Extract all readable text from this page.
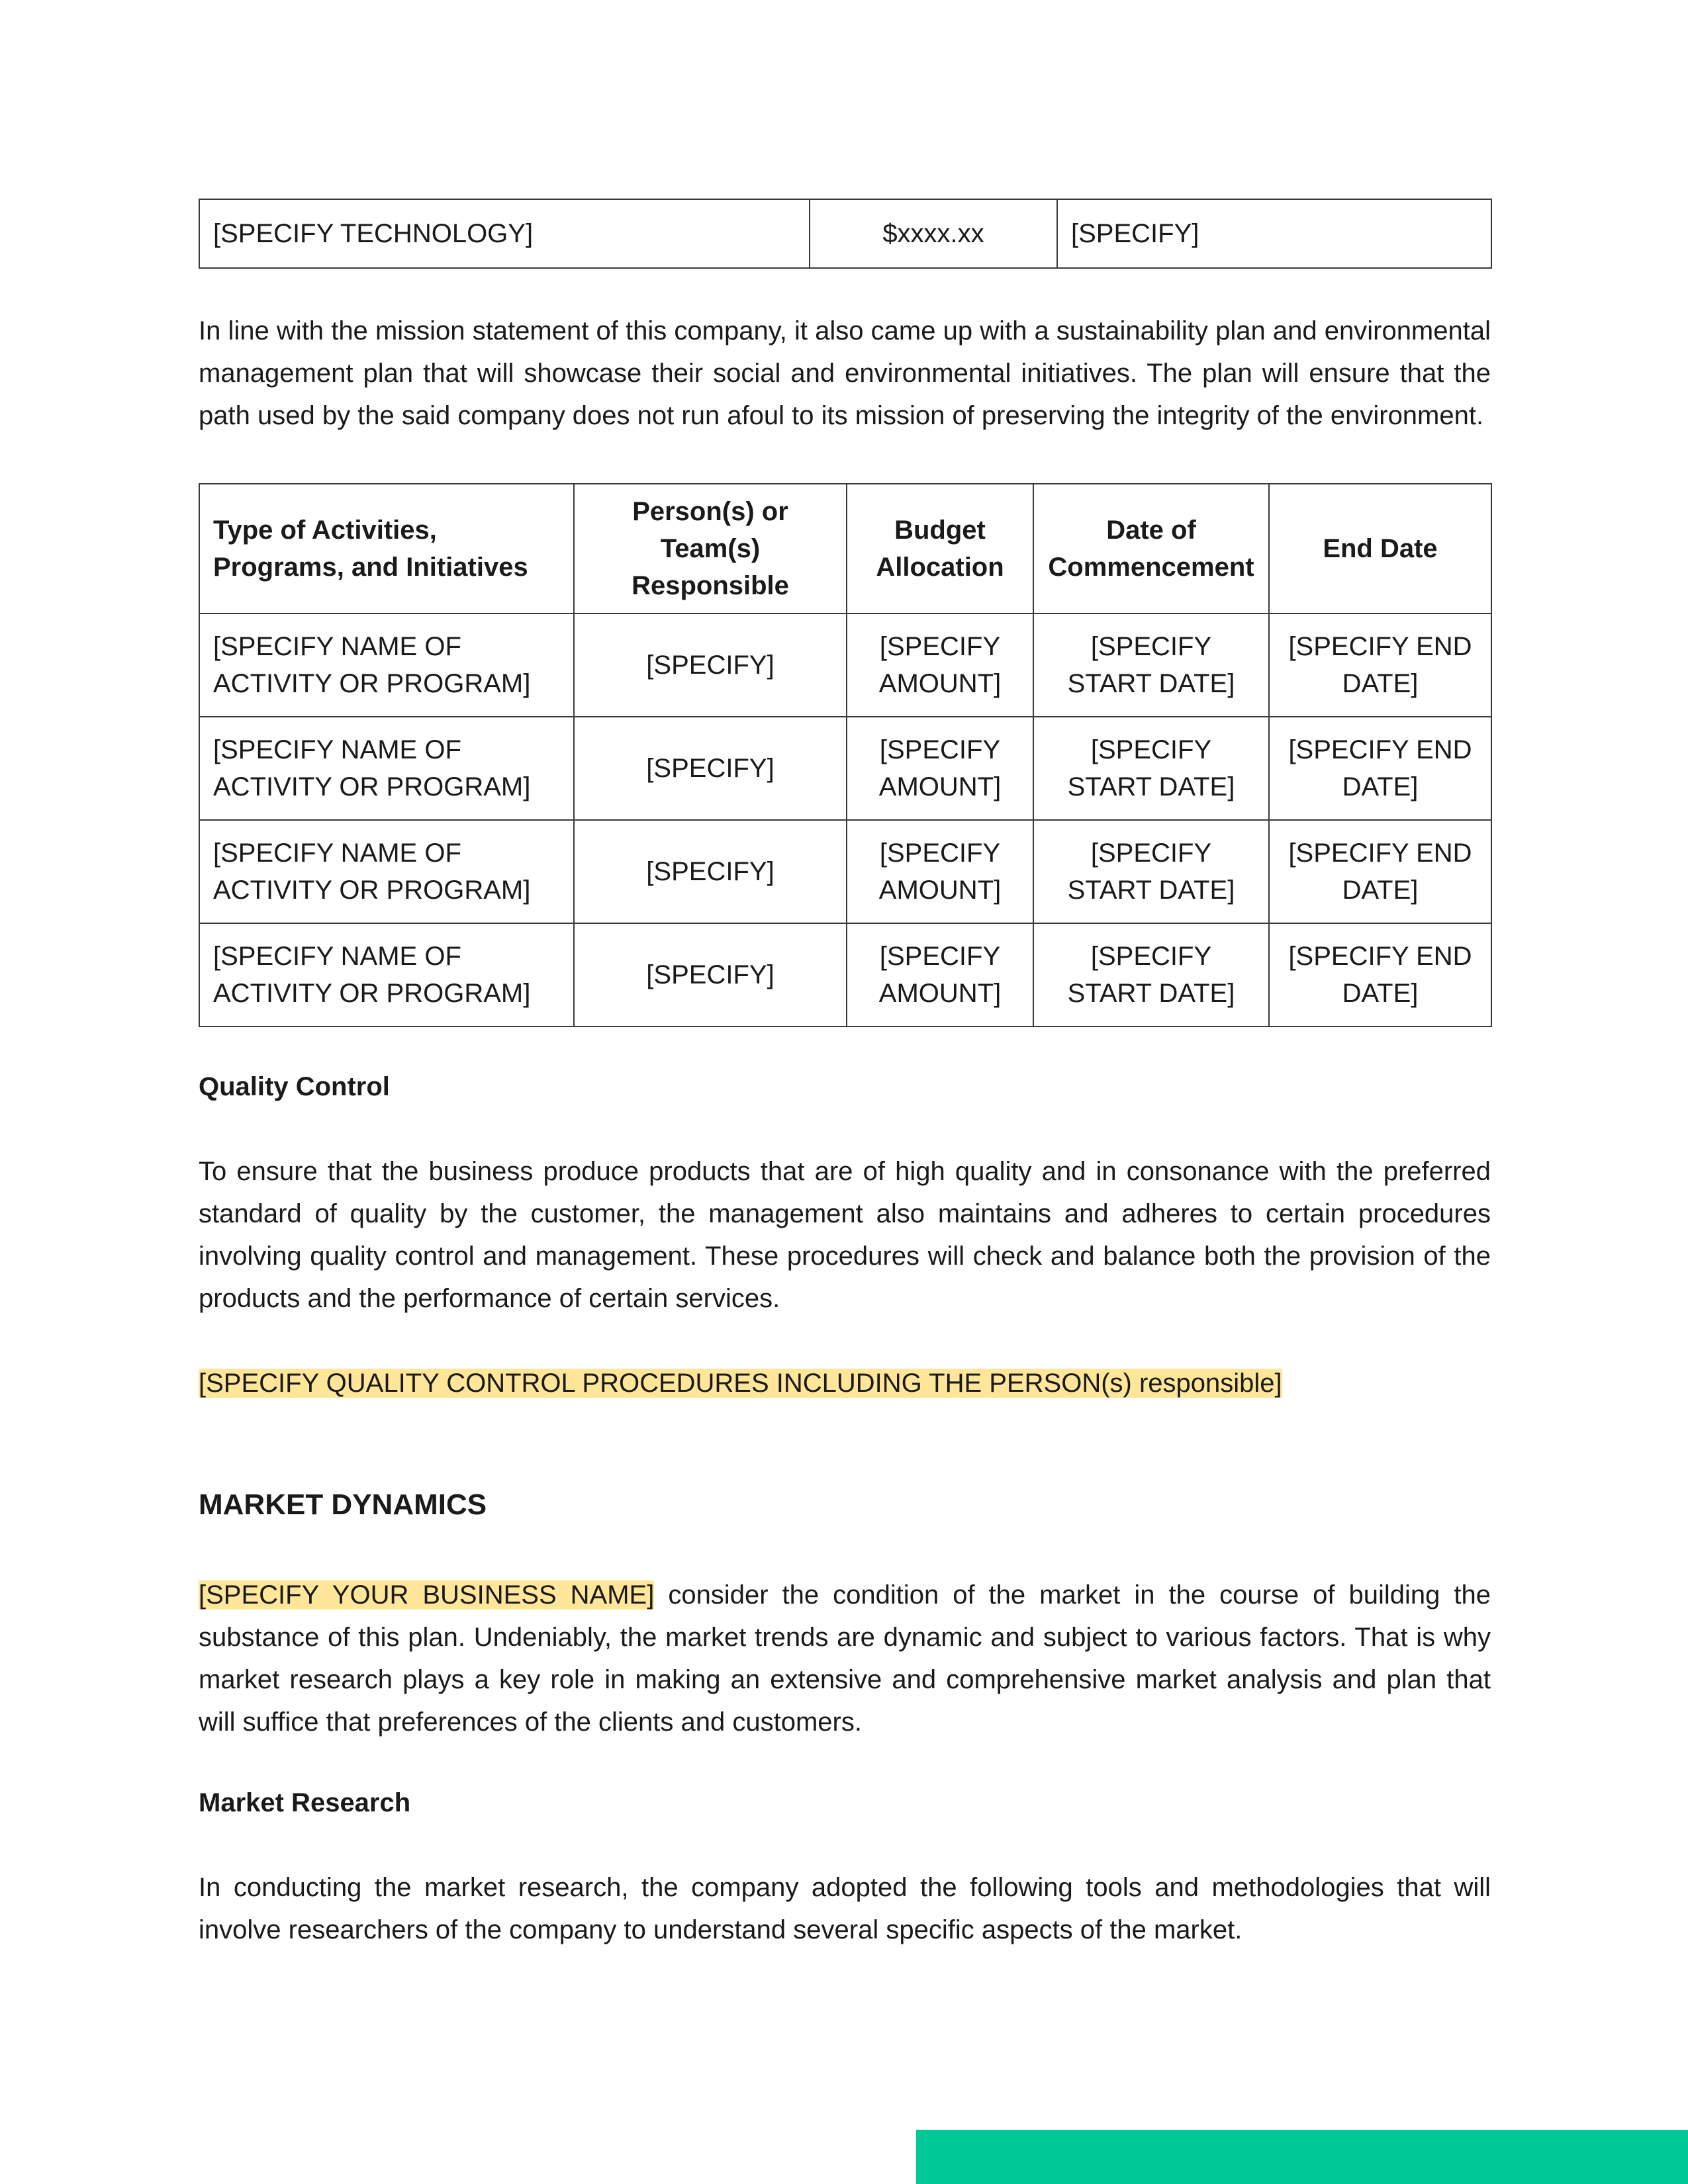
[SPECIFY TECHNOLOGY]	$xxxx.xx	[SPECIFY]

In line with the mission statement of this company, it also came up with a sustainability plan and environmental management plan that will showcase their social and environmental initiatives. The plan will ensure that the path used by the said company does not run afoul to its mission of preserving the integrity of the environment.

Type of Activities, Programs, and Initiatives	Person(s) or Team(s) Responsible	Budget Allocation	Date of Commencement	End Date
[SPECIFY NAME OF ACTIVITY OR PROGRAM]	[SPECIFY]	[SPECIFY AMOUNT]	[SPECIFY START DATE]	[SPECIFY END DATE]
[SPECIFY NAME OF ACTIVITY OR PROGRAM]	[SPECIFY]	[SPECIFY AMOUNT]	[SPECIFY START DATE]	[SPECIFY END DATE]
[SPECIFY NAME OF ACTIVITY OR PROGRAM]	[SPECIFY]	[SPECIFY AMOUNT]	[SPECIFY START DATE]	[SPECIFY END DATE]
[SPECIFY NAME OF ACTIVITY OR PROGRAM]	[SPECIFY]	[SPECIFY AMOUNT]	[SPECIFY START DATE]	[SPECIFY END DATE]
Quality Control

To ensure that the business produce products that are of high quality and in consonance with the preferred standard of quality by the customer, the management also maintains and adheres to certain procedures involving quality control and management. These procedures will check and balance both the provision of the products and the performance of certain services.

[SPECIFY QUALITY CONTROL PROCEDURES INCLUDING THE PERSON(s) responsible]

MARKET DYNAMICS

[SPECIFY YOUR BUSINESS NAME] consider the condition of the market in the course of building the substance of this plan. Undeniably, the market trends are dynamic and subject to various factors. That is why market research plays a key role in making an extensive and comprehensive market analysis and plan that will suffice that preferences of the clients and customers.

Market Research

In conducting the market research, the company adopted the following tools and methodologies that will involve researchers of the company to understand several specific aspects of the market.
